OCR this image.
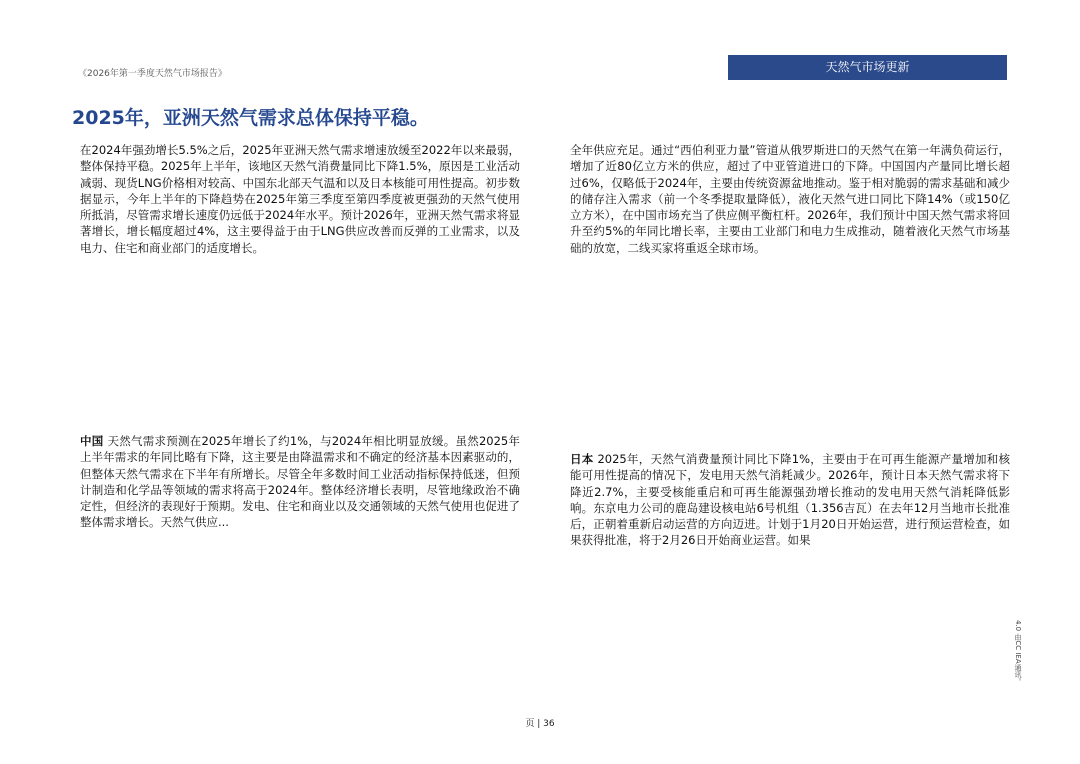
《2026年第一季度天然气市场报告》	天然气市场更新
2025年，亚洲天然气需求总体保持平稳。
在2024年强劲增长5.5%之后，2025年亚洲天然气需求增速放缓至2022年以来最弱，整体保持平稳。2025年上半年，该地区天然气消费量同比下降1.5%，原因是工业活动减弱、现货LNG价格相对较高、中国东北部天气温和以及日本核能可用性提高。初步数据显示，今年上半年的下降趋势在2025年第三季度至第四季度被更强劲的天然气使用所抵消，尽管需求增长速度仍远低于2024年水平。预计2026年，亚洲天然气需求将显著增长，增长幅度超过4%，这主要得益于由于LNG供应改善而反弹的工业需求，以及电力、住宅和商业部门的适度增长。
全年供应充足。通过“西伯利亚力量”管道从俄罗斯进口的天然气在第一年满负荷运行，增加了近80亿立方米的供应，超过了中亚管道进口的下降。中国国内产量同比增长超过6%，仅略低于2024年，主要由传统资源盆地推动。鉴于相对脆弱的需求基础和减少的储存注入需求（前一个冬季提取量降低），液化天然气进口同比下降14%（或150亿立方米），在中国市场充当了供应侧平衡杠杆。2026年，我们预计中国天然气需求将回升至约5%的年同比增长率，主要由工业部门和电力生成推动，随着液化天然气市场基础的放宽，二线买家将重返全球市场。
中国 天然气需求预测在2025年增长了约1%，与2024年相比明显放缓。虽然2025年上半年需求的年同比略有下降，这主要是由降温需求和不确定的经济基本因素驱动的，但整体天然气需求在下半年有所增长。尽管全年多数时间工业活动指标保持低迷，但预计制造和化学品等领域的需求将高于2024年。整体经济增长表明，尽管地缘政治不确定性，但经济的表现好于预期。发电、住宅和商业以及交通领域的天然气使用也促进了整体需求增长。天然气供应...
日本 2025年，天然气消费量预计同比下降1%，主要由于在可再生能源产量增加和核能可用性提高的情况下，发电用天然气消耗减少。2026年，预计日本天然气需求将下降近2.7%，主要受核能重启和可再生能源强劲增长推动的发电用天然气消耗降低影响。东京电力公司的鹿岛建设核电站6号机组（1.356吉瓦）在去年12月当地市长批准后，正朝着重新启动运营的方向迈进。计划于1月20日开始运营，进行预运营检查，如果获得批准，将于2月26日开始商业运营。如果
页 | 36
4.0 由CC IEA通讯。
